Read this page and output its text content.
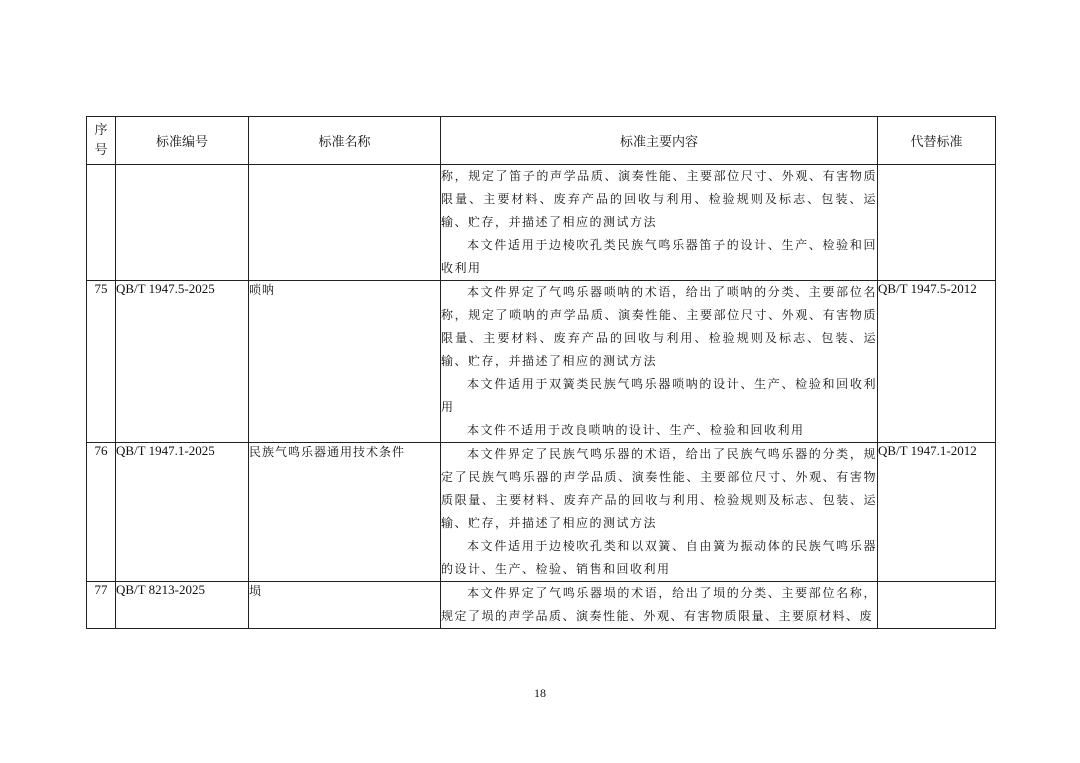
序
号	标准编号	标准名称	标准主要内容	代替标准

			称，规定了笛子的声学品质、演奏性能、主要部位尺寸、外观、有害物质限量、主要材料、废弃产品的回收与利用、检验规则及标志、包装、运输、贮存，并描述了相应的测试方法

本文件适用于边棱吹孔类民族气鸣乐器笛子的设计、生产、检验和回收利用	

75	QB/T 1947.5-2025	唢呐	本文件界定了气鸣乐器唢呐的术语，给出了唢呐的分类、主要部位名称，规定了唢呐的声学品质、演奏性能、主要部位尺寸、外观、有害物质限量、主要材料、废弃产品的回收与利用、检验规则及标志、包装、运输、贮存，并描述了相应的测试方法

本文件适用于双簧类民族气鸣乐器唢呐的设计、生产、检验和回收利用

本文件不适用于改良唢呐的设计、生产、检验和回收利用	QB/T 1947.5-2012
76	QB/T 1947.1-2025	民族气鸣乐器通用技术条件	本文件界定了民族气鸣乐器的术语，给出了民族气鸣乐器的分类，规定了民族气鸣乐器的声学品质、演奏性能、主要部位尺寸、外观、有害物质限量、主要材料、废弃产品的回收与利用、检验规则及标志、包装、运输、贮存，并描述了相应的测试方法

本文件适用于边棱吹孔类和以双簧、自由簧为振动体的民族气鸣乐器的设计、生产、检验、销售和回收利用	QB/T 1947.1-2012
77	QB/T 8213-2025	埙	本文件界定了气鸣乐器埙的术语，给出了埙的分类、主要部位名称，规定了埙的声学品质、演奏性能、外观、有害物质限量、主要原材料、废	

18
